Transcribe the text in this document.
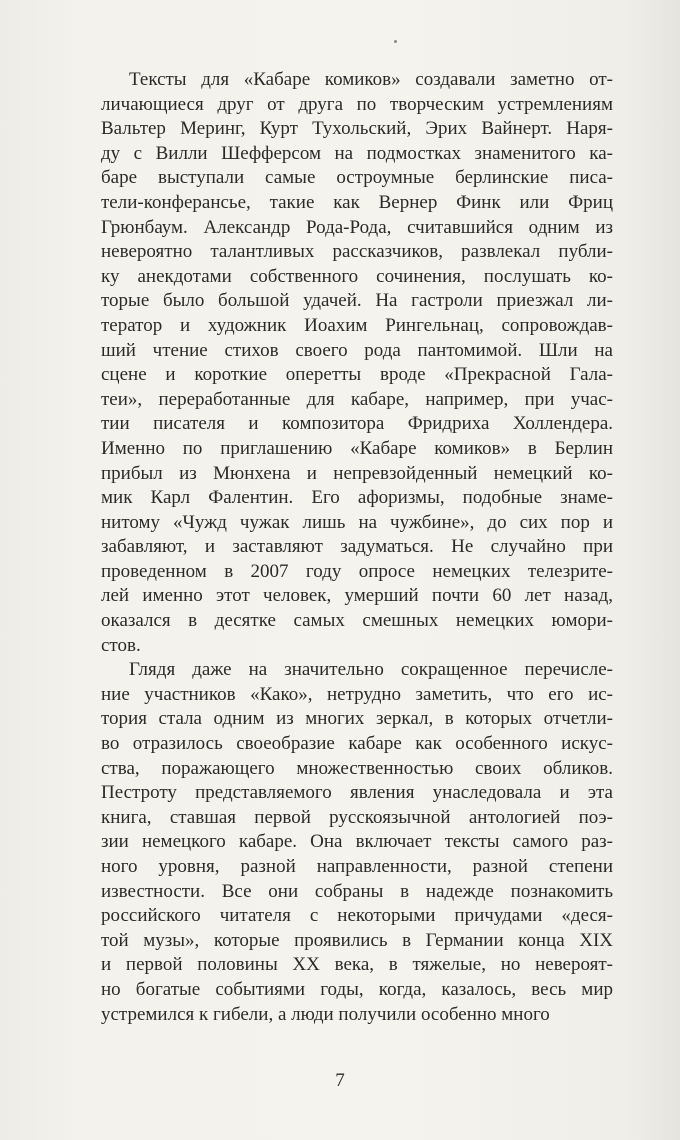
Тексты для «Кабаре комиков» создавали заметно от-
личающиеся друг от друга по творческим устремлениям
Вальтер Меринг, Курт Тухольский, Эрих Вайнерт. Наря-
ду с Вилли Шефферсом на подмостках знаменитого ка-
баре выступали самые остроумные берлинские писа-
тели-конферансье, такие как Вернер Финк или Фриц
Грюнбаум. Александр Рода-Рода, считавшийся одним из
невероятно талантливых рассказчиков, развлекал публи-
ку анекдотами собственного сочинения, послушать ко-
торые было большой удачей. На гастроли приезжал ли-
тератор и художник Иоахим Рингельнац, сопровождав-
ший чтение стихов своего рода пантомимой. Шли на
сцене и короткие оперетты вроде «Прекрасной Гала-
теи», переработанные для кабаре, например, при учас-
тии писателя и композитора Фридриха Холлендера.
Именно по приглашению «Кабаре комиков» в Берлин
прибыл из Мюнхена и непревзойденный немецкий ко-
мик Карл Фалентин. Его афоризмы, подобные знаме-
нитому «Чужд чужак лишь на чужбине», до сих пор и
забавляют, и заставляют задуматься. Не случайно при
проведенном в 2007 году опросе немецких телезрите-
лей именно этот человек, умерший почти 60 лет назад,
оказался в десятке самых смешных немецких юмори-
стов.
Глядя даже на значительно сокращенное перечисле-
ние участников «Како», нетрудно заметить, что его ис-
тория стала одним из многих зеркал, в которых отчетли-
во отразилось своеобразие кабаре как особенного искус-
ства, поражающего множественностью своих обликов.
Пестроту представляемого явления унаследовала и эта
книга, ставшая первой русскоязычной антологией поэ-
зии немецкого кабаре. Она включает тексты самого раз-
ного уровня, разной направленности, разной степени
известности. Все они собраны в надежде познакомить
российского читателя с некоторыми причудами «деся-
той музы», которые проявились в Германии конца XIX
и первой половины XX века, в тяжелые, но невероят-
но богатые событиями годы, когда, казалось, весь мир
устремился к гибели, а люди получили особенно много
7
